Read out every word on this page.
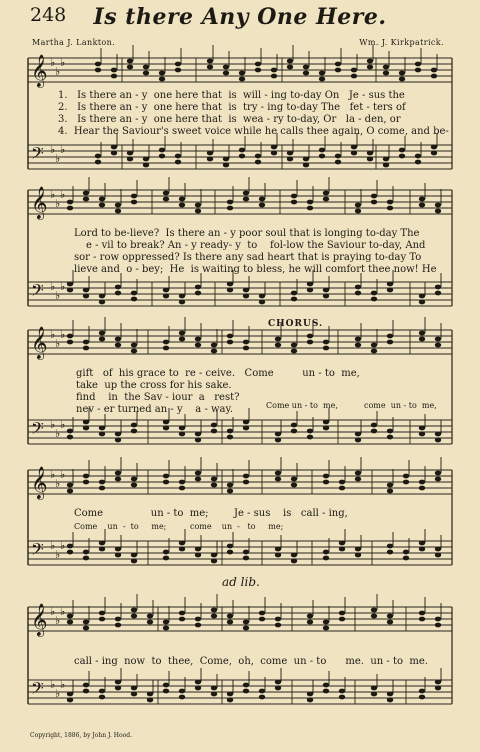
𝄞 ♭
♭
♭
𝄢 ♭
♭
♭
𝄞 ♭
♭
♭
𝄢 ♭
♭
♭
𝄞 ♭
♭
♭
𝄢 ♭
♭
♭
𝄞 ♭
♭
♭
𝄢 ♭
♭
♭
𝄞 ♭
♭
♭
𝄢 ♭
♭
♭
248	Is there Any One Here.
Martha J. Lankton.	Wm. J. Kirkpatrick.
1.   Is there an - y  one here that  is  will - ing to-day On   Je - sus the
2.   Is there an - y  one here that  is  try - ing to-day The   fet - ters of
3.   Is there an - y  one here that  is  wea - ry to-day, Or   la - den, or
4.  Hear the Saviour's sweet voice while he calls thee again, O come, and be-
Lord to be-lieve?  Is there an - y poor soul that is longing to-day The
e - vil to break? An - y ready- y  to    fol-low the Saviour to-day, And
sor - row oppressed? Is there any sad heart that is praying to-day To
lieve and  o - bey;  He  is waiting to bless, he will comfort thee now! He
CHORUS.
gift   of  his grace to  re - ceive.   Come         un - to  me,
take  up the cross for his sake.
find    in  the Sav - iour  a   rest?
nev - er turned an - y    a - way.	Come un - to  me,	come  un - to  me,
Come               un - to  me;        Je - sus    is   call - ing,
Come    un  -  to     me;	come    un  -   to     me;
ad lib.
call - ing  now  to  thee,  Come,  oh,  come  un - to      me.  un - to  me.
Copyright, 1886, by John J. Hood.
